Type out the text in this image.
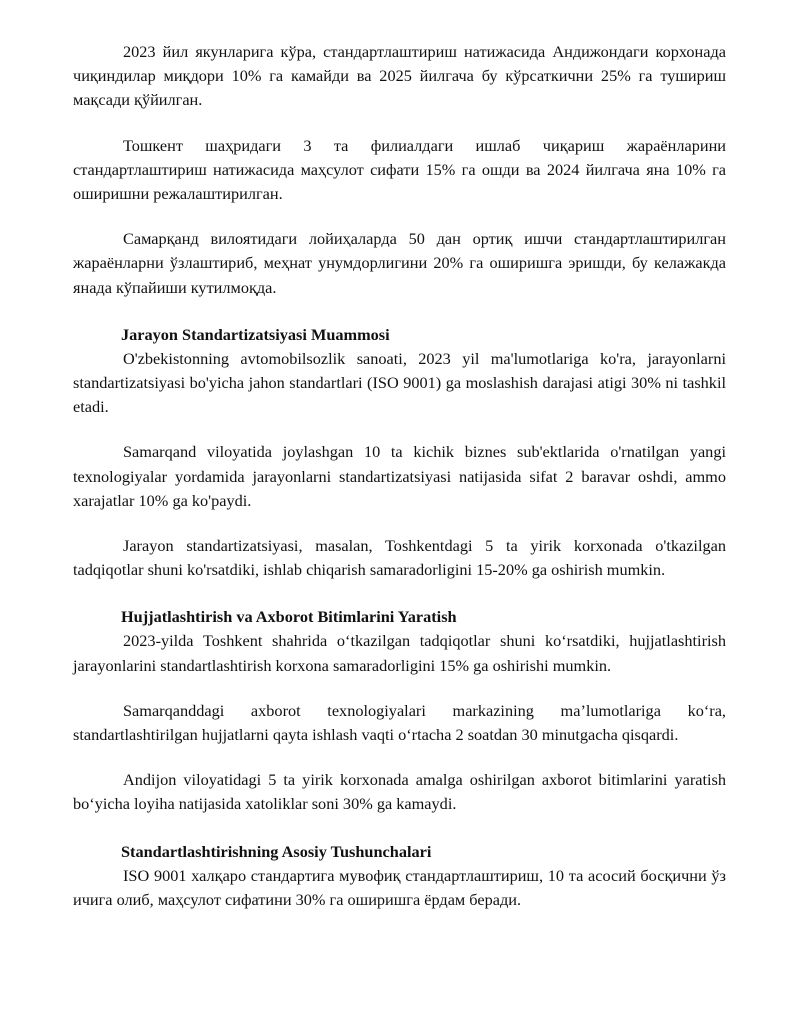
2023 йил якунларига кўра, стандартлаштириш натижасида Андижондаги корхонада чиқиндилар миқдори 10% га камайди ва 2025 йилгача бу кўрсаткични 25% га тушириш мақсади қўйилган.

Тошкент шаҳридаги 3 та филиалдаги ишлаб чиқариш жараёнларини стандартлаштириш натижасида маҳсулот сифати 15% га ошди ва 2024 йилгача яна 10% га оширишни режалаштирилган.

Самарқанд вилоятидаги лойиҳаларда 50 дан ортиқ ишчи стандартлаштирилган жараёнларни ўзлаштириб, меҳнат унумдорлигини 20% га оширишга эришди, бу келажакда янада кўпайиши кутилмоқда.

Jarayon Standartizatsiyasi Muammosi

O'zbekistonning avtomobilsozlik sanoati, 2023 yil ma'lumotlariga ko'ra, jarayonlarni standartizatsiyasi bo'yicha jahon standartlari (ISO 9001) ga moslashish darajasi atigi 30% ni tashkil etadi.

Samarqand viloyatida joylashgan 10 ta kichik biznes sub'ektlarida o'rnatilgan yangi texnologiyalar yordamida jarayonlarni standartizatsiyasi natijasida sifat 2 baravar oshdi, ammo xarajatlar 10% ga ko'paydi.

Jarayon standartizatsiyasi, masalan, Toshkentdagi 5 ta yirik korxonada o'tkazilgan tadqiqotlar shuni ko'rsatdiki, ishlab chiqarish samaradorligini 15-20% ga oshirish mumkin.

Hujjatlashtirish va Axborot Bitimlarini Yaratish

2023-yilda Toshkent shahrida o‘tkazilgan tadqiqotlar shuni ko‘rsatdiki, hujjatlashtirish jarayonlarini standartlashtirish korxona samaradorligini 15% ga oshirishi mumkin.

Samarqanddagi axborot texnologiyalari markazining ma’lumotlariga ko‘ra, standartlashtirilgan hujjatlarni qayta ishlash vaqti o‘rtacha 2 soatdan 30 minutgacha qisqardi.

Andijon viloyatidagi 5 ta yirik korxonada amalga oshirilgan axborot bitimlarini yaratish bo‘yicha loyiha natijasida xatoliklar soni 30% ga kamaydi.

Standartlashtirishning Asosiy Tushunchalari

ISO 9001 халқаро стандартига мувофиқ стандартлаштириш, 10 та асосий босқични ўз ичига олиб, маҳсулот сифатини 30% га оширишга ёрдам беради.
